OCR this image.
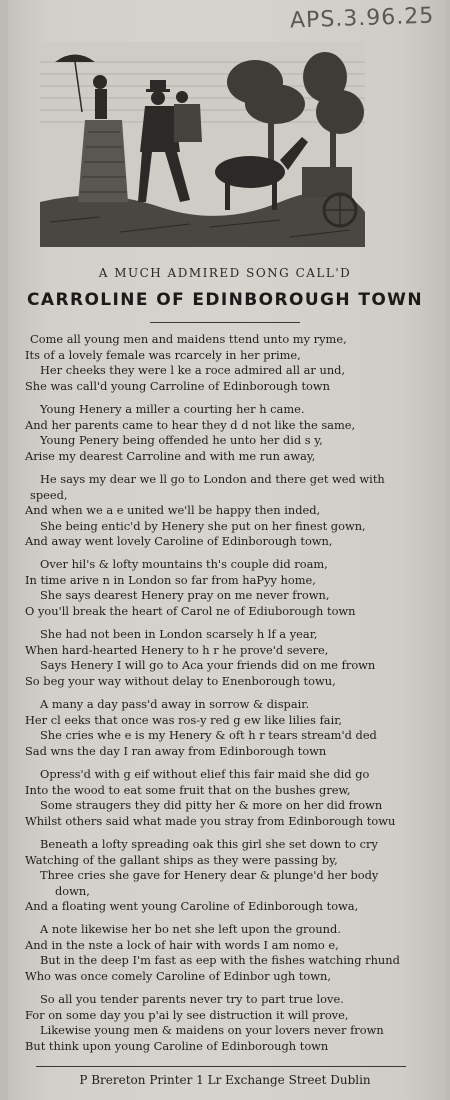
APS.3.96.25
A MUCH ADMIRED SONG CALL'D
CARROLINE OF EDINBOROUGH TOWN
Come all young men and maidens ttend unto my ryme,
Its of a lovely female was rcarcely in her prime,
Her cheeks they were l ke a roce admired all ar und,
She was call'd young Carroline of Edinborough town
Young Henery a miller a courting her h came.
And her parents came to hear they d d not like the same,
Young Penery being offended he unto her did s y,
Arise my dearest Carroline and with me run away,
He says my dear we ll go to London and there get wed with
speed,
And when we a e united we'll be happy then inded,
She being entic'd by Henery she put on her finest gown,
And away went lovely Caroline of Edinborough town,
Over hil's & lofty mountains th's couple did roam,
In time arive n in London so far from haPyy home,
She says dearest Henery pray on me never frown,
O you'll break the heart of Carol ne of Ediuborough town
She had not been in London scarsely h lf a year,
When hard-hearted Henery to h r he prove'd severe,
Says Henery I will go to Aca your friends did on me frown
So beg your way without delay to Enenborough towu,
A many a day pass'd away in sorrow & dispair.
Her cl eeks that once was ros-y red g ew like lilies fair,
She cries whe e is my Henery & oft h r tears stream'd ded
Sad wns the day I ran away from Edinborough town
Opress'd with g eif without elief this fair maid she did go
Into the wood to eat some fruit that on the bushes grew,
Some straugers they did pitty her & more on her did frown
Whilst others said what made you stray from Edinborough towu
Beneath a lofty spreading oak this girl she set down to cry
Watching of the gallant ships as they were passing by,
Three cries she gave for Henery dear & plunge'd her body
down,
And a floating went young Caroline of Edinborough towa,
A note likewise her bo net she left upon the ground.
And in the nste a lock of hair with words I am nomo e,
But in the deep I'm fast as eep with the fishes watching rhund
Who was once comely Caroline of Edinbor ugh town,
So all you tender parents never try to part true love.
For on some day you p'ai ly see distruction it will prove,
Likewise young men & maidens on your lovers never frown
But think upon young Caroline of Edinborough town
P Brereton Printer 1 Lr Exchange Street Dublin
